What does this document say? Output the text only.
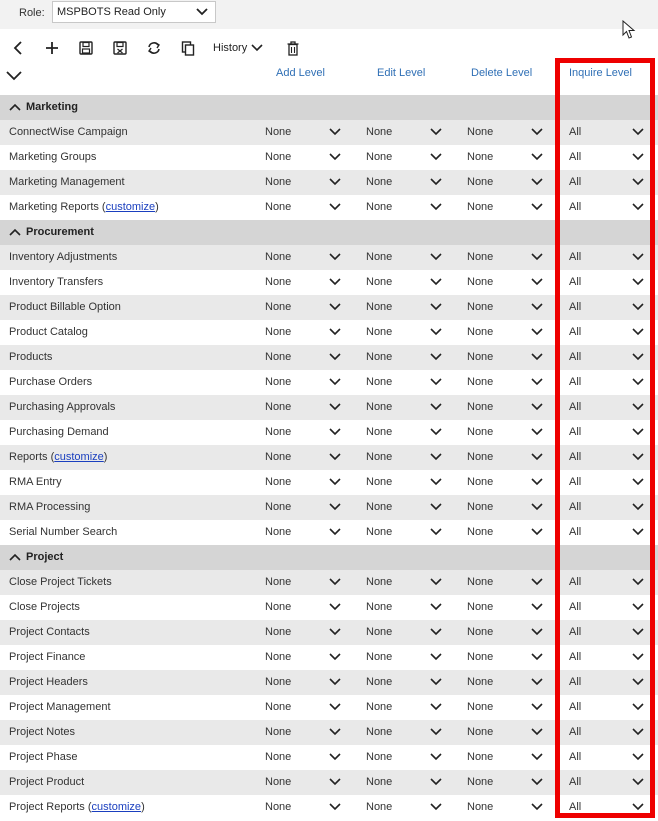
Role: MSPBOTS Read Only
History
Add Level	Edit Level	Delete Level	Inquire Level
Marketing
ConnectWise Campaign	None	None	None	All
Marketing Groups	None	None	None	All
Marketing Management	None	None	None	All
Marketing Reports (customize)	None	None	None	All
Procurement
Inventory Adjustments	None	None	None	All
Inventory Transfers	None	None	None	All
Product Billable Option	None	None	None	All
Product Catalog	None	None	None	All
Products	None	None	None	All
Purchase Orders	None	None	None	All
Purchasing Approvals	None	None	None	All
Purchasing Demand	None	None	None	All
Reports (customize)	None	None	None	All
RMA Entry	None	None	None	All
RMA Processing	None	None	None	All
Serial Number Search	None	None	None	All
Project
Close Project Tickets	None	None	None	All
Close Projects	None	None	None	All
Project Contacts	None	None	None	All
Project Finance	None	None	None	All
Project Headers	None	None	None	All
Project Management	None	None	None	All
Project Notes	None	None	None	All
Project Phase	None	None	None	All
Project Product	None	None	None	All
Project Reports (customize)	None	None	None	All
